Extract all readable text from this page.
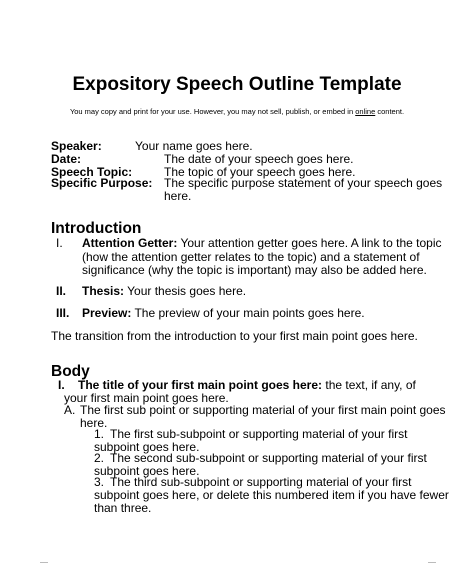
Expository Speech Outline Template
You may copy and print for your use. However, you may not sell, publish, or embed in online content.
Speaker:	Your name goes here.
Date:	The date of your speech goes here.
Speech Topic:	The topic of your speech goes here.
Specific Purpose: The specific purpose statement of your speech goes
here.
Introduction
I. Attention Getter: Your attention getter goes here. A link to the topic
(how the attention getter relates to the topic) and a statement of
significance (why the topic is important) may also be added here.
II. Thesis: Your thesis goes here.
III. Preview: The preview of your main points goes here.
The transition from the introduction to your first main point goes here.
Body
I. The title of your first main point goes here: the text, if any, of
your first main point goes here.
A. The first sub point or supporting material of your first main point goes
here.
1. The first sub-subpoint or supporting material of your first
subpoint goes here.
2. The second sub-subpoint or supporting material of your first
subpoint goes here.
3. The third sub-subpoint or supporting material of your first
subpoint goes here, or delete this numbered item if you have fewer
than three.
